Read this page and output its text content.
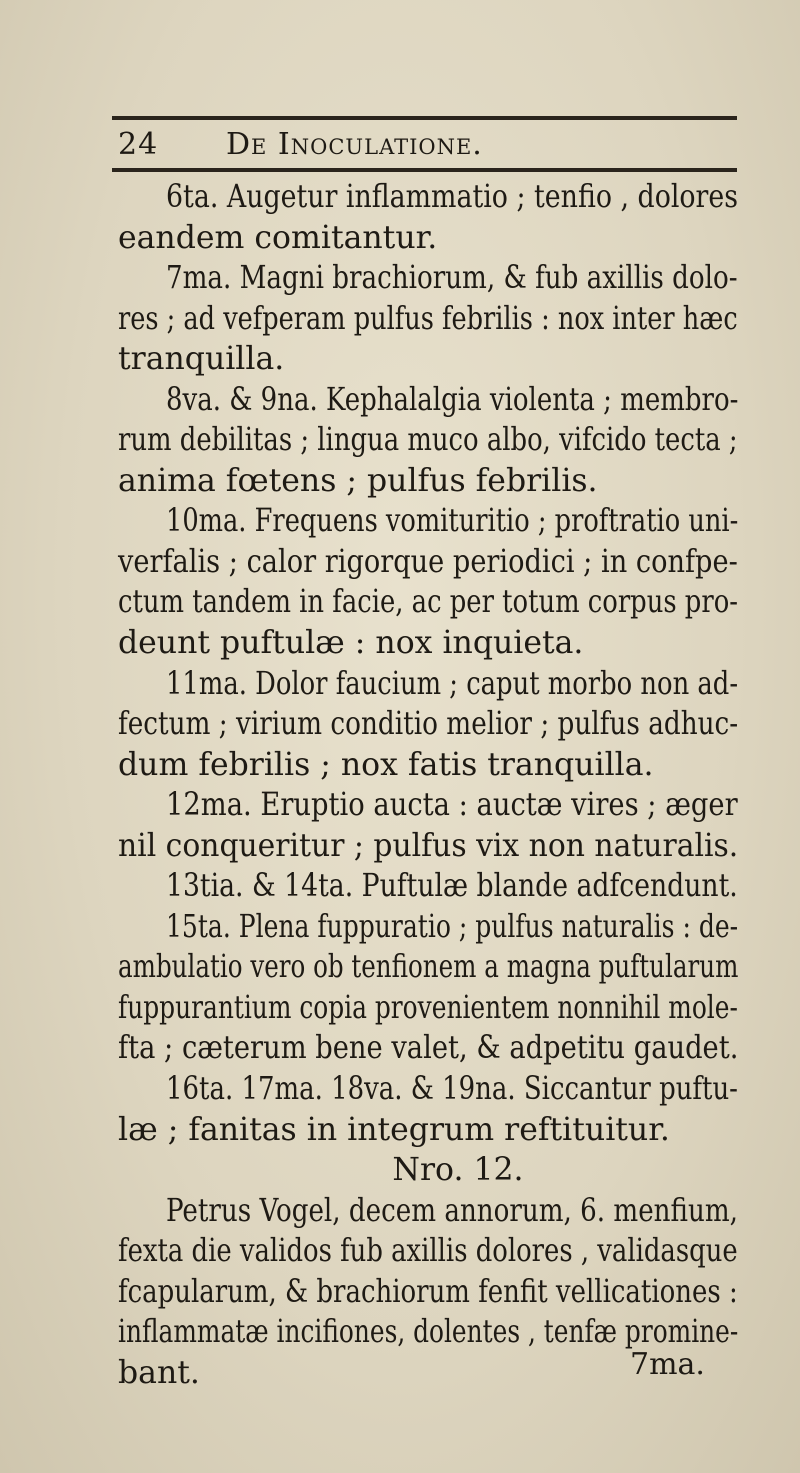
24 De Inoculatione.
6ta. Augetur inflammatio ; tenfio , dolores
eandem comitantur.
7ma. Magni brachiorum, & fub axillis dolo-
res ; ad vefperam pulfus febrilis : nox inter hæc
tranquilla.
8va. & 9na. Kephalalgia violenta ; membro-
rum debilitas ; lingua muco albo, vifcido tecta ;
anima fœtens ; pulfus febrilis.
10ma. Frequens vomituritio ; proftratio uni-
verfalis ; calor rigorque periodici ; in confpe-
ctum tandem in facie, ac per totum corpus pro-
deunt puftulæ : nox inquieta.
11ma. Dolor faucium ; caput morbo non ad-
fectum ; virium conditio melior ; pulfus adhuc-
dum febrilis ; nox fatis tranquilla.
12ma. Eruptio aucta : auctæ vires ; æger
nil conqueritur ; pulfus vix non naturalis.
13tia. & 14ta. Puftulæ blande adfcendunt.
15ta. Plena fuppuratio ; pulfus naturalis : de-
ambulatio vero ob tenfionem a magna puftularum
fuppurantium copia provenientem nonnihil mole-
fta ; cæterum bene valet, & adpetitu gaudet.
16ta. 17ma. 18va. & 19na. Siccantur puftu-
læ ; fanitas in integrum reftituitur.
Nro. 12.
Petrus Vogel, decem annorum, 6. menfium,
fexta die validos fub axillis dolores , validasque
fcapularum, & brachiorum fenfit vellicationes :
inflammatæ incifiones, dolentes , tenfæ promine-
bant.	7ma.
